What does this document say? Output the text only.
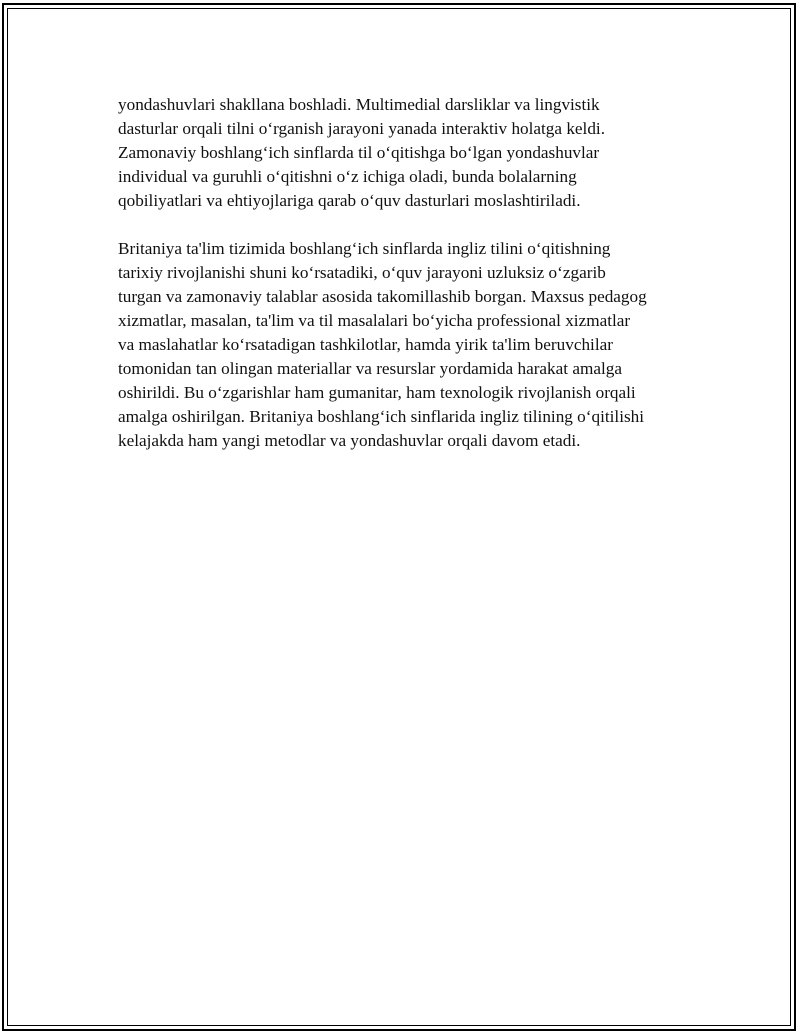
yondashuvlari shakllana boshladi. Multimedial darsliklar va lingvistik
dasturlar orqali tilni o‘rganish jarayoni yanada interaktiv holatga keldi.
Zamonaviy boshlang‘ich sinflarda til o‘qitishga bo‘lgan yondashuvlar
individual va guruhli o‘qitishni o‘z ichiga oladi, bunda bolalarning
qobiliyatlari va ehtiyojlariga qarab o‘quv dasturlari moslashtiriladi.

Britaniya ta'lim tizimida boshlang‘ich sinflarda ingliz tilini o‘qitishning
tarixiy rivojlanishi shuni ko‘rsatadiki, o‘quv jarayoni uzluksiz o‘zgarib
turgan va zamonaviy talablar asosida takomillashib borgan. Maxsus pedagog
xizmatlar, masalan, ta'lim va til masalalari bo‘yicha professional xizmatlar
va maslahatlar ko‘rsatadigan tashkilotlar, hamda yirik ta'lim beruvchilar
tomonidan tan olingan materiallar va resurslar yordamida harakat amalga
oshirildi. Bu o‘zgarishlar ham gumanitar, ham texnologik rivojlanish orqali
amalga oshirilgan. Britaniya boshlang‘ich sinflarida ingliz tilining o‘qitilishi
kelajakda ham yangi metodlar va yondashuvlar orqali davom etadi.
